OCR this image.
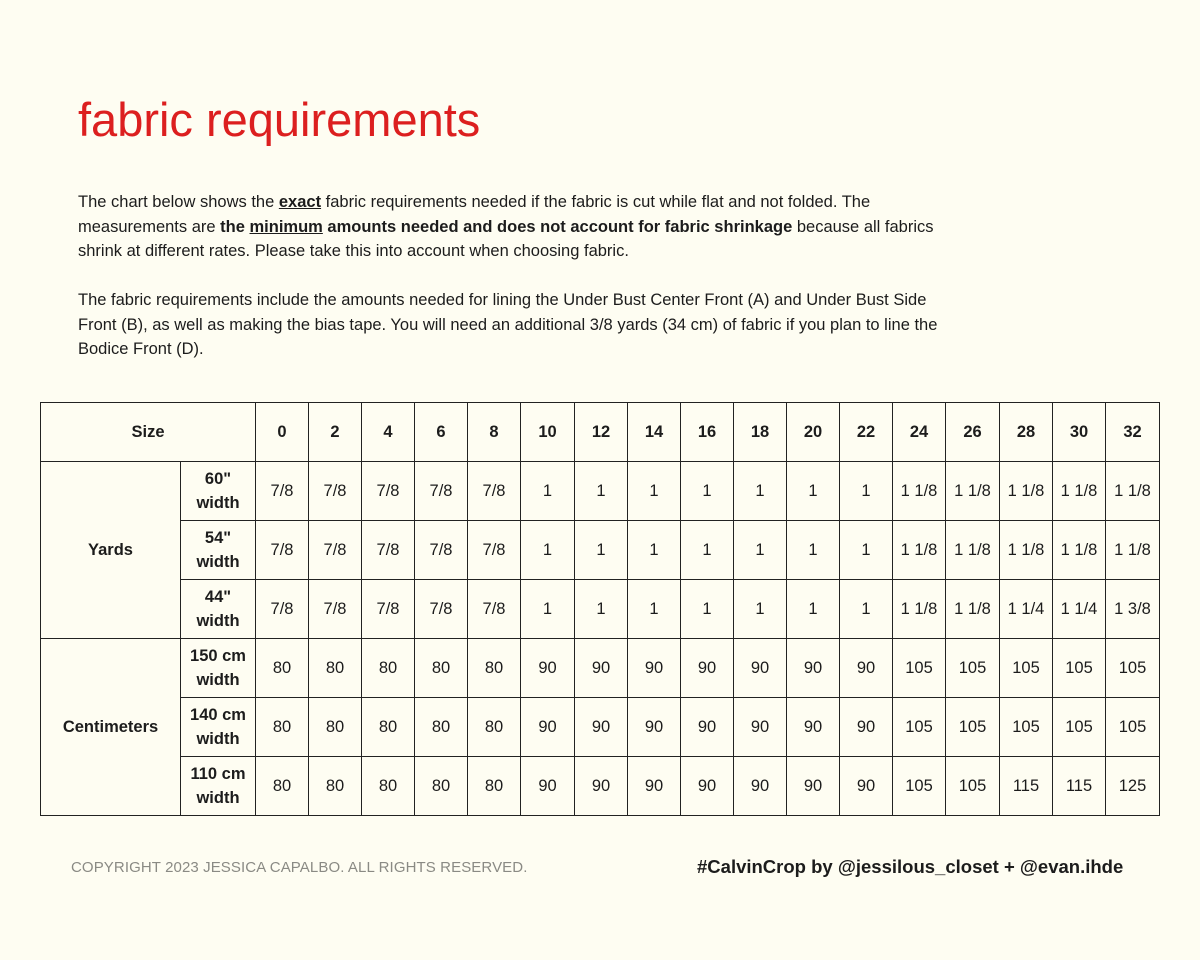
fabric requirements

The chart below shows the exact fabric requirements needed if the fabric is cut while flat and not folded. The measurements are the minimum amounts needed and does not account for fabric shrinkage because all fabrics shrink at different rates. Please take this into account when choosing fabric.

The fabric requirements include the amounts needed for lining the Under Bust Center Front (A) and Under Bust Side Front (B), as well as making the bias tape. You will need an additional 3/8 yards (34 cm) of fabric if you plan to line the Bodice Front (D).

Size		0	2	4	6	8	10	12	14	16	18	20	22	24	26	28	30	32
Yards	60"
width	7/8	7/8	7/8	7/8	7/8	1	1	1	1	1	1	1	1 1/8	1 1/8	1 1/8	1 1/8	1 1/8

	54"
width	7/8	7/8	7/8	7/8	7/8	1	1	1	1	1	1	1	1 1/8	1 1/8	1 1/8	1 1/8	1 1/8

	44"
width	7/8	7/8	7/8	7/8	7/8	1	1	1	1	1	1	1	1 1/8	1 1/8	1 1/4	1 1/4	1 3/8
Centimeters	150 cm
width	80	80	80	80	80	90	90	90	90	90	90	90	105	105	105	105	105

	140 cm
width	80	80	80	80	80	90	90	90	90	90	90	90	105	105	105	105	105

	110 cm
width	80	80	80	80	80	90	90	90	90	90	90	90	105	105	115	115	125
COPYRIGHT 2023 JESSICA CAPALBO. ALL RIGHTS RESERVED.	#CalvinCrop by @jessilous_closet + @evan.ihde
